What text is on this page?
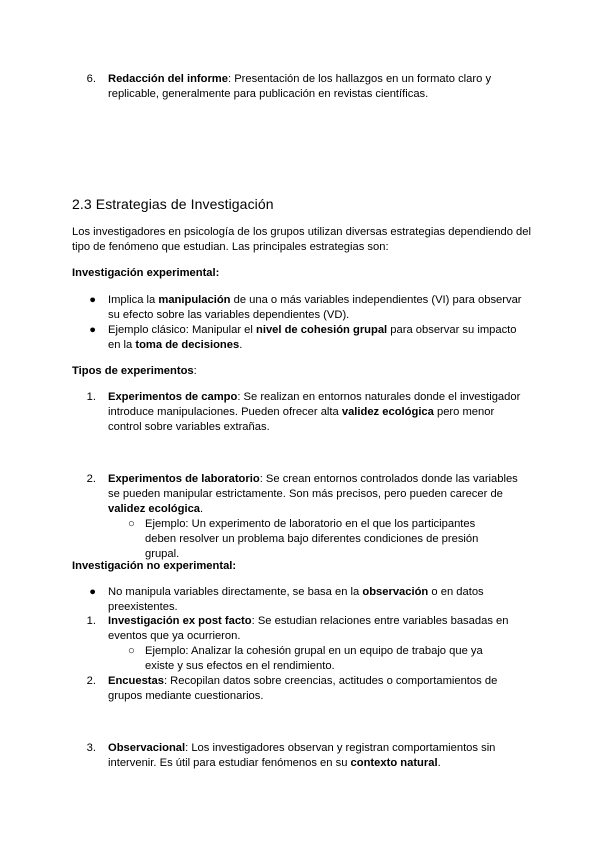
6. Redacción del informe: Presentación de los hallazgos en un formato claro y replicable, generalmente para publicación en revistas científicas.
2.3 Estrategias de Investigación

Los investigadores en psicología de los grupos utilizan diversas estrategias dependiendo del tipo de fenómeno que estudian. Las principales estrategias son:

Investigación experimental:

● Implica la manipulación de una o más variables independientes (VI) para observar su efecto sobre las variables dependientes (VD).
● Ejemplo clásico: Manipular el nivel de cohesión grupal para observar su impacto en la toma de decisiones.

Tipos de experimentos:

1. Experimentos de campo: Se realizan en entornos naturales donde el investigador introduce manipulaciones. Pueden ofrecer alta validez ecológica pero menor control sobre variables extrañas.
2. Experimentos de laboratorio: Se crean entornos controlados donde las variables se pueden manipular estrictamente. Son más precisos, pero pueden carecer de validez ecológica.
○ Ejemplo: Un experimento de laboratorio en el que los participantes deben resolver un problema bajo diferentes condiciones de presión grupal.

Investigación no experimental:

● No manipula variables directamente, se basa en la observación o en datos preexistentes.
1. Investigación ex post facto: Se estudian relaciones entre variables basadas en eventos que ya ocurrieron.
○ Ejemplo: Analizar la cohesión grupal en un equipo de trabajo que ya existe y sus efectos en el rendimiento.
2. Encuestas: Recopilan datos sobre creencias, actitudes o comportamientos de grupos mediante cuestionarios.
3. Observacional: Los investigadores observan y registran comportamientos sin intervenir. Es útil para estudiar fenómenos en su contexto natural.
